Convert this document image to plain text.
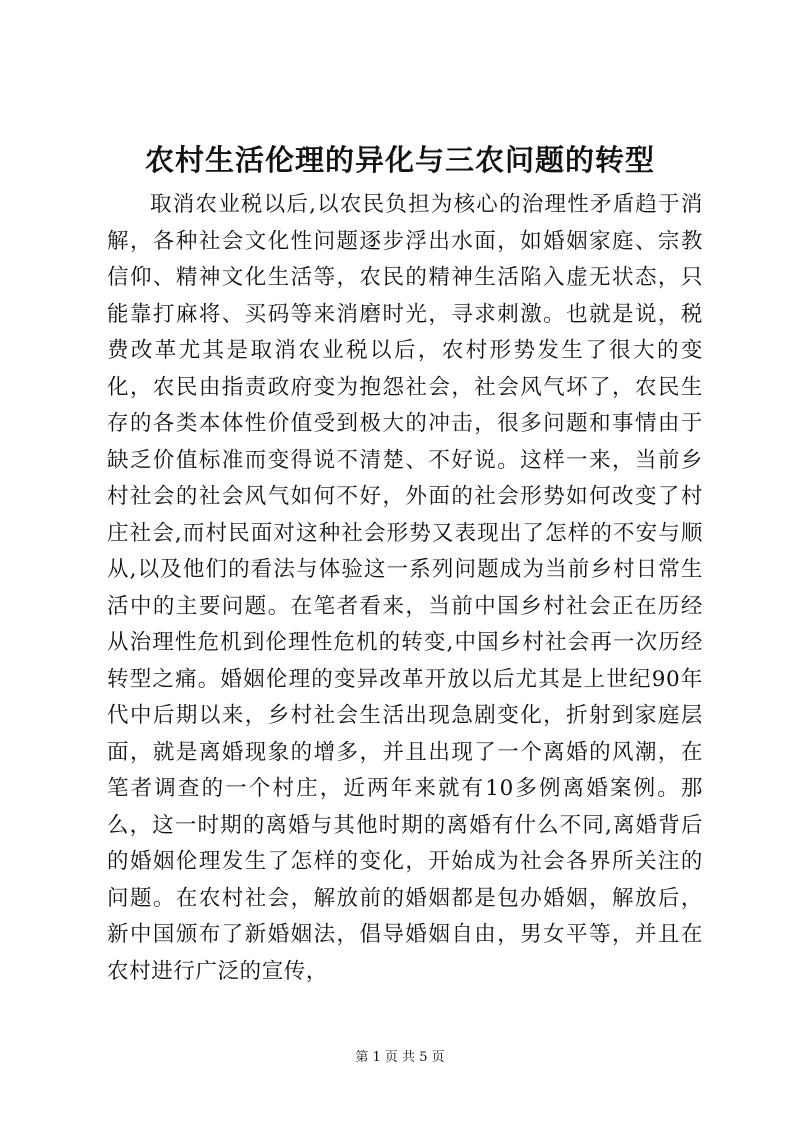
农村生活伦理的异化与三农问题的转型

取消农业税以后,以农民负担为核心的治理性矛盾趋于消解，各种社会文化性问题逐步浮出水面，如婚姻家庭、宗教信仰、精神文化生活等，农民的精神生活陷入虚无状态，只能靠打麻将、买码等来消磨时光，寻求刺激。也就是说，税费改革尤其是取消农业税以后，农村形势发生了很大的变化，农民由指责政府变为抱怨社会，社会风气坏了，农民生存的各类本体性价值受到极大的冲击，很多问题和事情由于缺乏价值标准而变得说不清楚、不好说。这样一来，当前乡村社会的社会风气如何不好，外面的社会形势如何改变了村庄社会,而村民面对这种社会形势又表现出了怎样的不安与顺从,以及他们的看法与体验这一系列问题成为当前乡村日常生活中的主要问题。在笔者看来，当前中国乡村社会正在历经从治理性危机到伦理性危机的转变,中国乡村社会再一次历经转型之痛。婚姻伦理的变异改革开放以后尤其是上世纪90年代中后期以来，乡村社会生活出现急剧变化，折射到家庭层面，就是离婚现象的增多，并且出现了一个离婚的风潮，在笔者调查的一个村庄，近两年来就有10多例离婚案例。那么，这一时期的离婚与其他时期的离婚有什么不同,离婚背后的婚姻伦理发生了怎样的变化，开始成为社会各界所关注的问题。在农村社会，解放前的婚姻都是包办婚姻，解放后，新中国颁布了新婚姻法，倡导婚姻自由，男女平等，并且在农村进行广泛的宣传，

第 1 页 共 5 页
